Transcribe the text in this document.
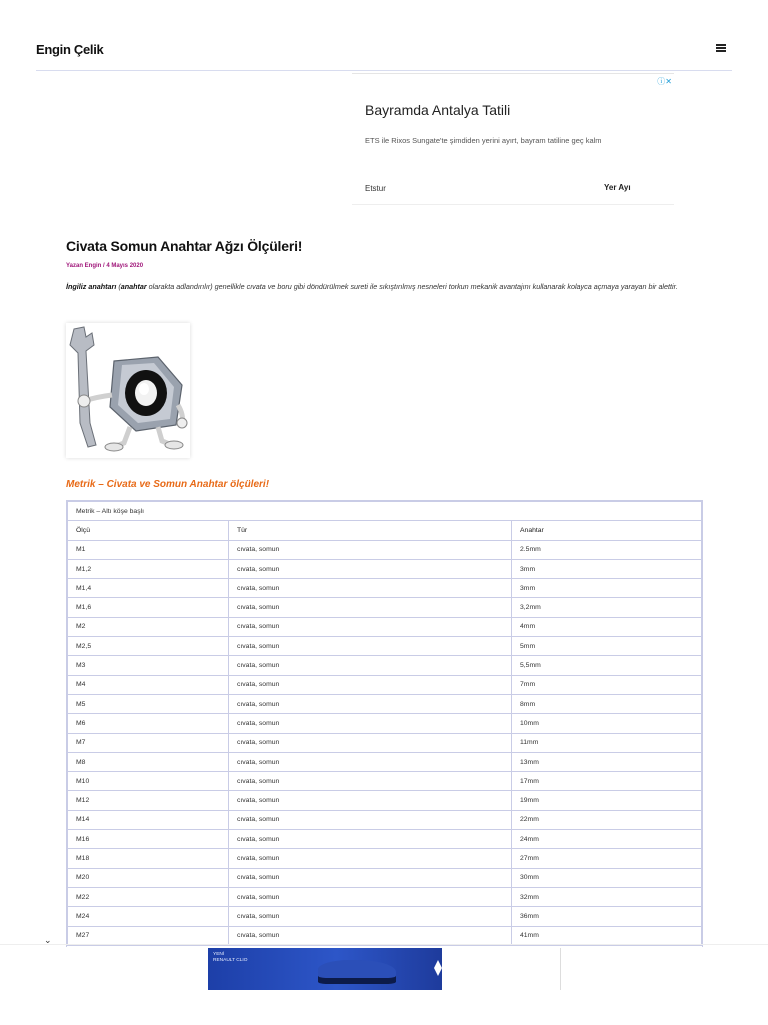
Engin Çelik
ⓘ✕
Bayramda Antalya Tatili
ETS ile Rixos Sungate'te şimdiden yerini ayırt, bayram tatiline geç kalm
Etstur	Yer Ayı
Civata Somun Anahtar Ağzı Ölçüleri!
Yazan Engin / 4 Mayıs 2020
İngiliz anahtarı (anahtar olarakta adlandırılır) genellikle cıvata ve boru gibi döndürülmek sureti ile sıkıştırılmış nesneleri torkun mekanik avantajını kullanarak kolayca açmaya yarayan bir alettir.
Metrik – Civata ve Somun Anahtar ölçüleri!
Metrik – Altı köşe başlı		
Ölçü	Tür	Anahtar
M1	cıvata, somun	2.5mm
M1,2	cıvata, somun	3mm
M1,4	cıvata, somun	3mm
M1,6	cıvata, somun	3,2mm
M2	cıvata, somun	4mm
M2,5	cıvata, somun	5mm
M3	cıvata, somun	5,5mm
M4	cıvata, somun	7mm
M5	cıvata, somun	8mm
M6	cıvata, somun	10mm
M7	cıvata, somun	11mm
M8	cıvata, somun	13mm
M10	cıvata, somun	17mm
M12	cıvata, somun	19mm
M14	cıvata, somun	22mm
M16	cıvata, somun	24mm
M18	cıvata, somun	27mm
M20	cıvata, somun	30mm
M22	cıvata, somun	32mm
M24	cıvata, somun	36mm
M27	cıvata, somun	41mm
⌄
YENİ
RENAULT CLIO
